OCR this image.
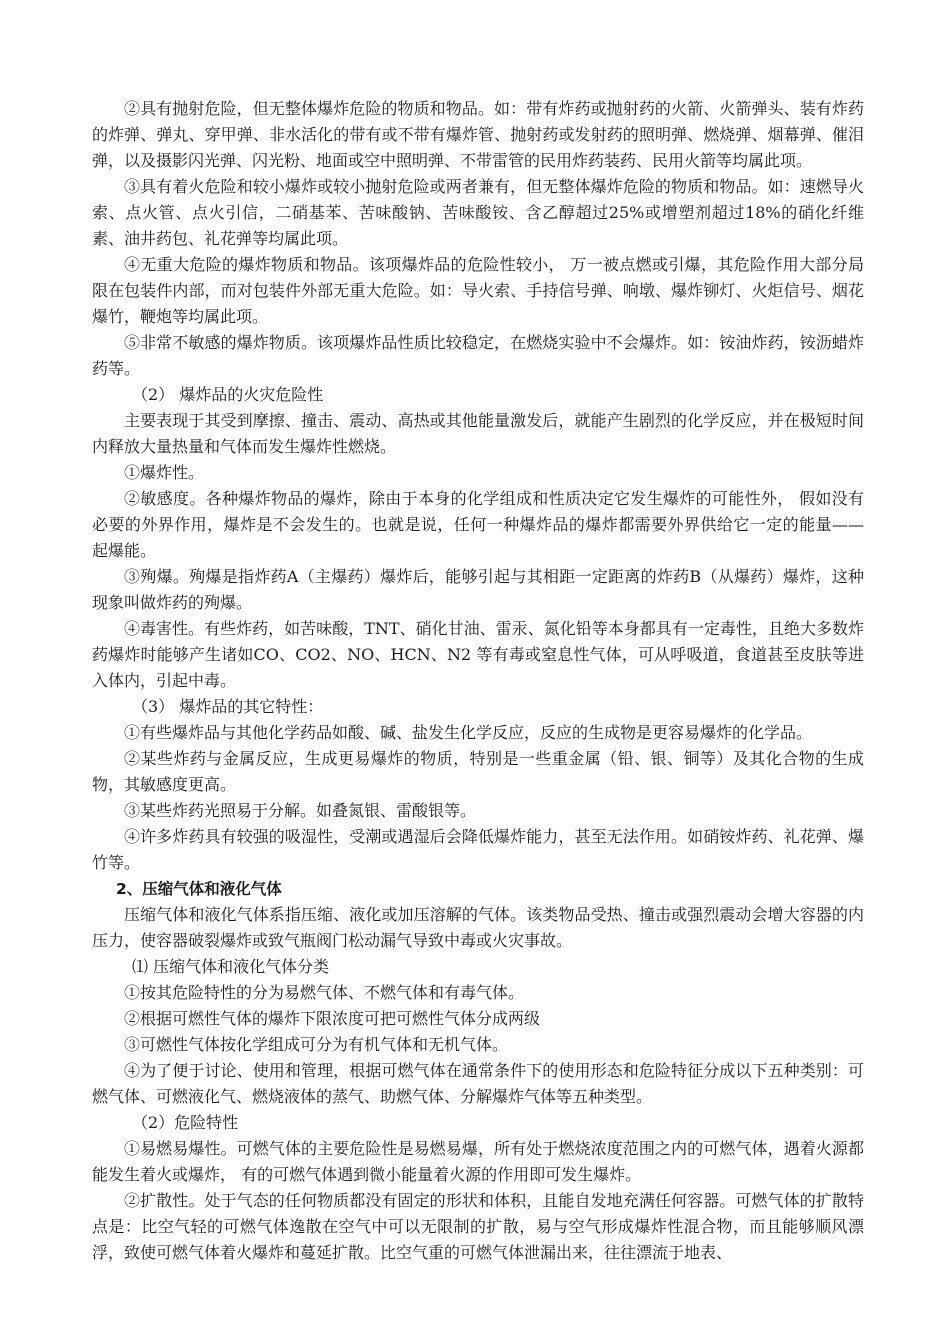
②具有抛射危险，但无整体爆炸危险的物质和物品。如：带有炸药或抛射药的火箭、火箭弹头、装有炸药的炸弹、弹丸、穿甲弹、非水活化的带有或不带有爆炸管、抛射药或发射药的照明弹、燃烧弹、烟幕弹、催泪弹，以及摄影闪光弹、闪光粉、地面或空中照明弹、不带雷管的民用炸药装药、民用火箭等均属此项。

③具有着火危险和较小爆炸或较小抛射危险或两者兼有，但无整体爆炸危险的物质和物品。如：速燃导火索、点火管、点火引信，二硝基苯、苦味酸钠、苦味酸铵、含乙醇超过25%或增塑剂超过18%的硝化纤维素、油井药包、礼花弹等均属此项。

④无重大危险的爆炸物质和物品。该项爆炸品的危险性较小， 万一被点燃或引爆，其危险作用大部分局限在包装件内部，而对包装件外部无重大危险。如：导火索、手持信号弹、响墩、爆炸铆灯、火炬信号、烟花爆竹，鞭炮等均属此项。

⑤非常不敏感的爆炸物质。该项爆炸品性质比较稳定，在燃烧实验中不会爆炸。如：铵油炸药，铵沥蜡炸药等。

（2） 爆炸品的火灾危险性

主要表现于其受到摩擦、撞击、震动、高热或其他能量激发后，就能产生剧烈的化学反应，并在极短时间内释放大量热量和气体而发生爆炸性燃烧。

①爆炸性。

②敏感度。各种爆炸物品的爆炸，除由于本身的化学组成和性质决定它发生爆炸的可能性外， 假如没有必要的外界作用，爆炸是不会发生的。也就是说，任何一种爆炸品的爆炸都需要外界供给它一定的能量—— 起爆能。

③殉爆。殉爆是指炸药A（主爆药）爆炸后，能够引起与其相距一定距离的炸药B（从爆药）爆炸，这种现象叫做炸药的殉爆。

④毒害性。有些炸药，如苦味酸，TNT、硝化甘油、雷汞、氮化铅等本身都具有一定毒性，且绝大多数炸药爆炸时能够产生诸如CO、CO2、NO、HCN、N2 等有毒或窒息性气体，可从呼吸道，食道甚至皮肤等进入体内，引起中毒。

（3） 爆炸品的其它特性：

①有些爆炸品与其他化学药品如酸、碱、盐发生化学反应，反应的生成物是更容易爆炸的化学品。

②某些炸药与金属反应，生成更易爆炸的物质，特别是一些重金属（铅、银、铜等）及其化合物的生成物，其敏感度更高。

③某些炸药光照易于分解。如叠氮银、雷酸银等。

④许多炸药具有较强的吸湿性，受潮或遇湿后会降低爆炸能力，甚至无法作用。如硝铵炸药、礼花弹、爆竹等。

2、压缩气体和液化气体

压缩气体和液化气体系指压缩、液化或加压溶解的气体。该类物品受热、撞击或强烈震动会增大容器的内压力，使容器破裂爆炸或致气瓶阀门松动漏气导致中毒或火灾事故。

⑴ 压缩气体和液化气体分类

①按其危险特性的分为易燃气体、不燃气体和有毒气体。

②根据可燃性气体的爆炸下限浓度可把可燃性气体分成两级

③可燃性气体按化学组成可分为有机气体和无机气体。

④为了便于讨论、使用和管理，根据可燃气体在通常条件下的使用形态和危险特征分成以下五种类别：可燃气体、可燃液化气、燃烧液体的蒸气、助燃气体、分解爆炸气体等五种类型。

（2）危险特性

①易燃易爆性。可燃气体的主要危险性是易燃易爆，所有处于燃烧浓度范围之内的可燃气体，遇着火源都能发生着火或爆炸， 有的可燃气体遇到微小能量着火源的作用即可发生爆炸。

②扩散性。处于气态的任何物质都没有固定的形状和体积，且能自发地充满任何容器。可燃气体的扩散特点是：比空气轻的可燃气体逸散在空气中可以无限制的扩散，易与空气形成爆炸性混合物，而且能够顺风漂浮，致使可燃气体着火爆炸和蔓延扩散。比空气重的可燃气体泄漏出来，往往漂流于地表、
